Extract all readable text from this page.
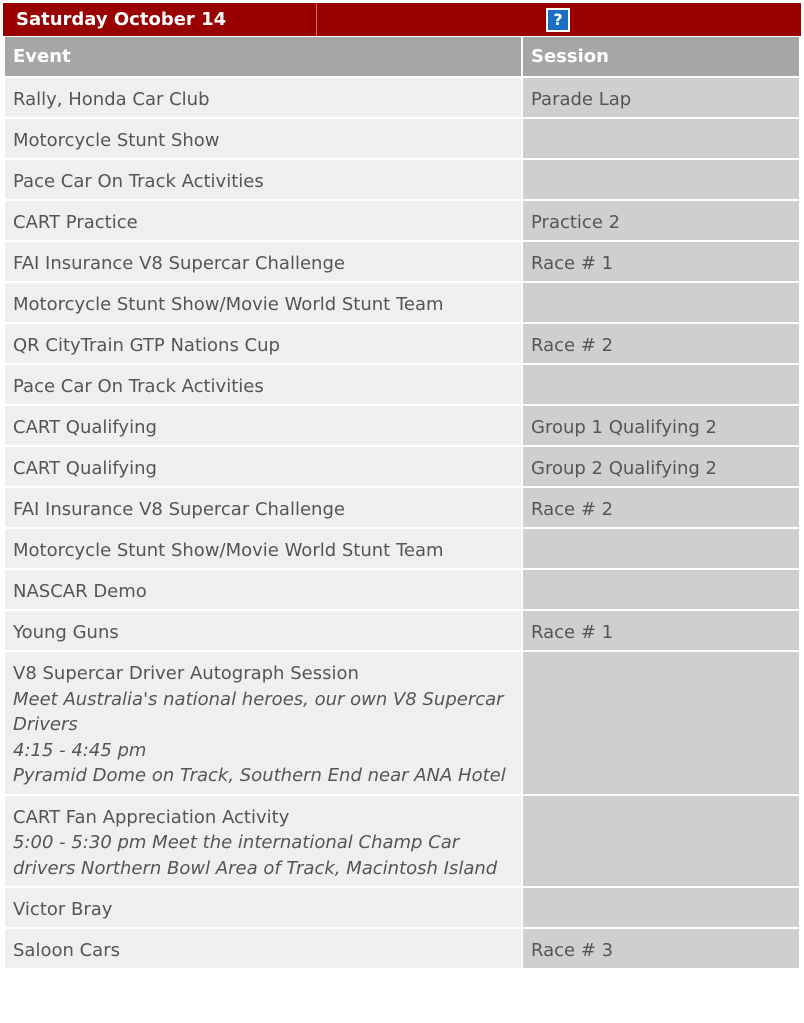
Saturday October 14	?
Event	Session

Rally, Honda Car Club	Parade Lap

Motorcycle Stunt Show	

Pace Car On Track Activities	

CART Practice	Practice 2

FAI Insurance V8 Supercar Challenge	Race # 1

Motorcycle Stunt Show/Movie World Stunt Team	

QR CityTrain GTP Nations Cup	Race # 2

Pace Car On Track Activities	

CART Qualifying	Group 1 Qualifying 2

CART Qualifying	Group 2 Qualifying 2

FAI Insurance V8 Supercar Challenge	Race # 2

Motorcycle Stunt Show/Movie World Stunt Team	

NASCAR Demo	

Young Guns	Race # 1

V8 Supercar Driver Autograph Session
Meet Australia's national heroes, our own V8 Supercar Drivers
4:15 - 4:45 pm
Pyramid Dome on Track, Southern End near ANA Hotel	

CART Fan Appreciation Activity
5:00 - 5:30 pm Meet the international Champ Car drivers Northern Bowl Area of Track, Macintosh Island	

Victor Bray	

Saloon Cars	Race # 3
